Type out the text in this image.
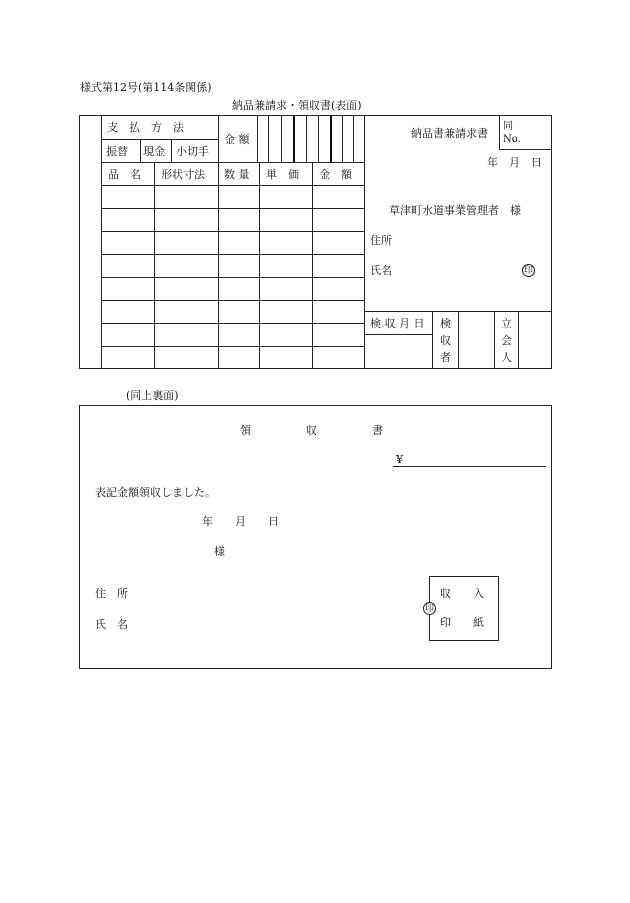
様式第12号(第114条関係)
納品兼請求・領収書(表面)
支　払　方　法
振替 現金 小切手
金 額
品　名 形状寸法 数 量 単　価 金　額
納品書兼請求書
同
No.
年　月　日
草津町水道事業管理者　様
住所
氏名	印
検 収 月 日 検
収
者
立
会
人
(同上裏面)
領　　　　　収　　　　　書
¥
表記金額領収しました。
年　　月　　日
様
住　所
氏　名
収　　入
印　　紙
印
